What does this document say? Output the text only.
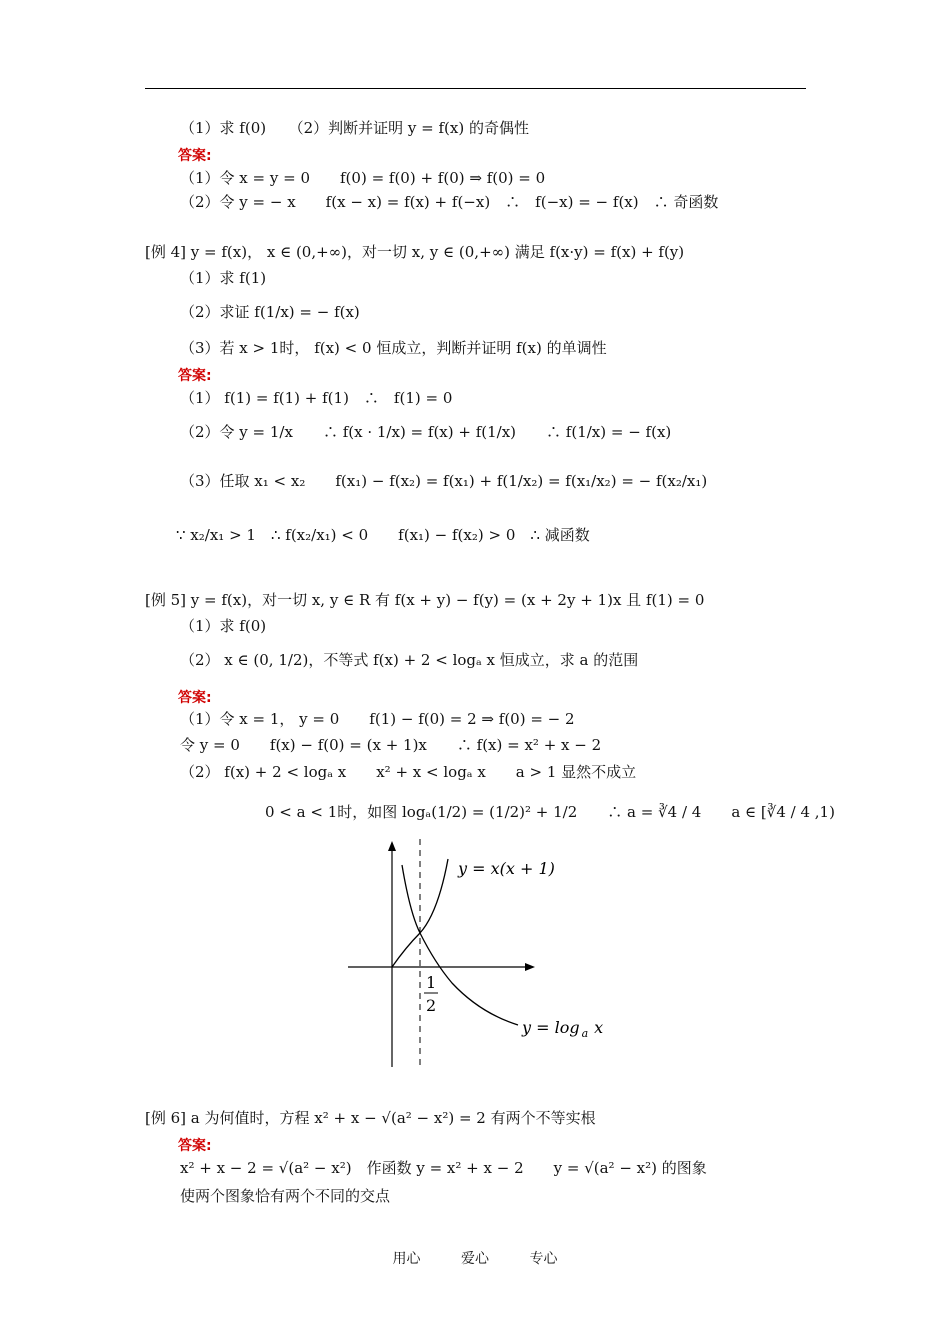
（1）求 f(0)　　（2）判断并证明 y = f(x) 的奇偶性
答案:
（1）令 x = y = 0　　f(0) = f(0) + f(0) ⇒ f(0) = 0
（2）令 y = − x　　f(x − x) = f(x) + f(−x)　∴　f(−x) = − f(x)　∴ 奇函数
[例 4] y = f(x)， x ∈ (0,+∞)，对一切 x, y ∈ (0,+∞) 满足 f(x·y) = f(x) + f(y)
（1）求 f(1)
（2）求证 f(1/x) = − f(x)
（3）若 x > 1时， f(x) < 0 恒成立，判断并证明 f(x) 的单调性
答案:
（1） f(1) = f(1) + f(1)　∴　f(1) = 0
（2）令 y = 1/x　　∴ f(x · 1/x) = f(x) + f(1/x)　　∴ f(1/x) = − f(x)
（3）任取 x₁ < x₂　　f(x₁) − f(x₂) = f(x₁) + f(1/x₂) = f(x₁/x₂) = − f(x₂/x₁)
∵ x₂/x₁ > 1　∴ f(x₂/x₁) < 0　　f(x₁) − f(x₂) > 0　∴ 减函数
[例 5] y = f(x)，对一切 x, y ∈ R 有 f(x + y) − f(y) = (x + 2y + 1)x 且 f(1) = 0
（1）求 f(0)
（2） x ∈ (0, 1/2)，不等式 f(x) + 2 < logₐ x 恒成立，求 a 的范围
答案:
（1）令 x = 1， y = 0　　f(1) − f(0) = 2 ⇒ f(0) = − 2
令 y = 0　　f(x) − f(0) = (x + 1)x　　∴ f(x) = x² + x − 2
（2） f(x) + 2 < logₐ x　　x² + x < logₐ x　　a > 1 显然不成立
0 < a < 1时，如图 logₐ(1/2) = (1/2)² + 1/2　　∴ a = ∛4 / 4　　a ∈ [∛4 / 4 ,1)
y = x(x + 1)
y = log $_a$ x
1
2
[例 6] a 为何值时，方程 x² + x − √(a² − x²) = 2 有两个不等实根
答案:
x² + x − 2 = √(a² − x²)　作函数 y = x² + x − 2　　y = √(a² − x²) 的图象
使两个图象恰有两个不同的交点
用心	爱心	专心
